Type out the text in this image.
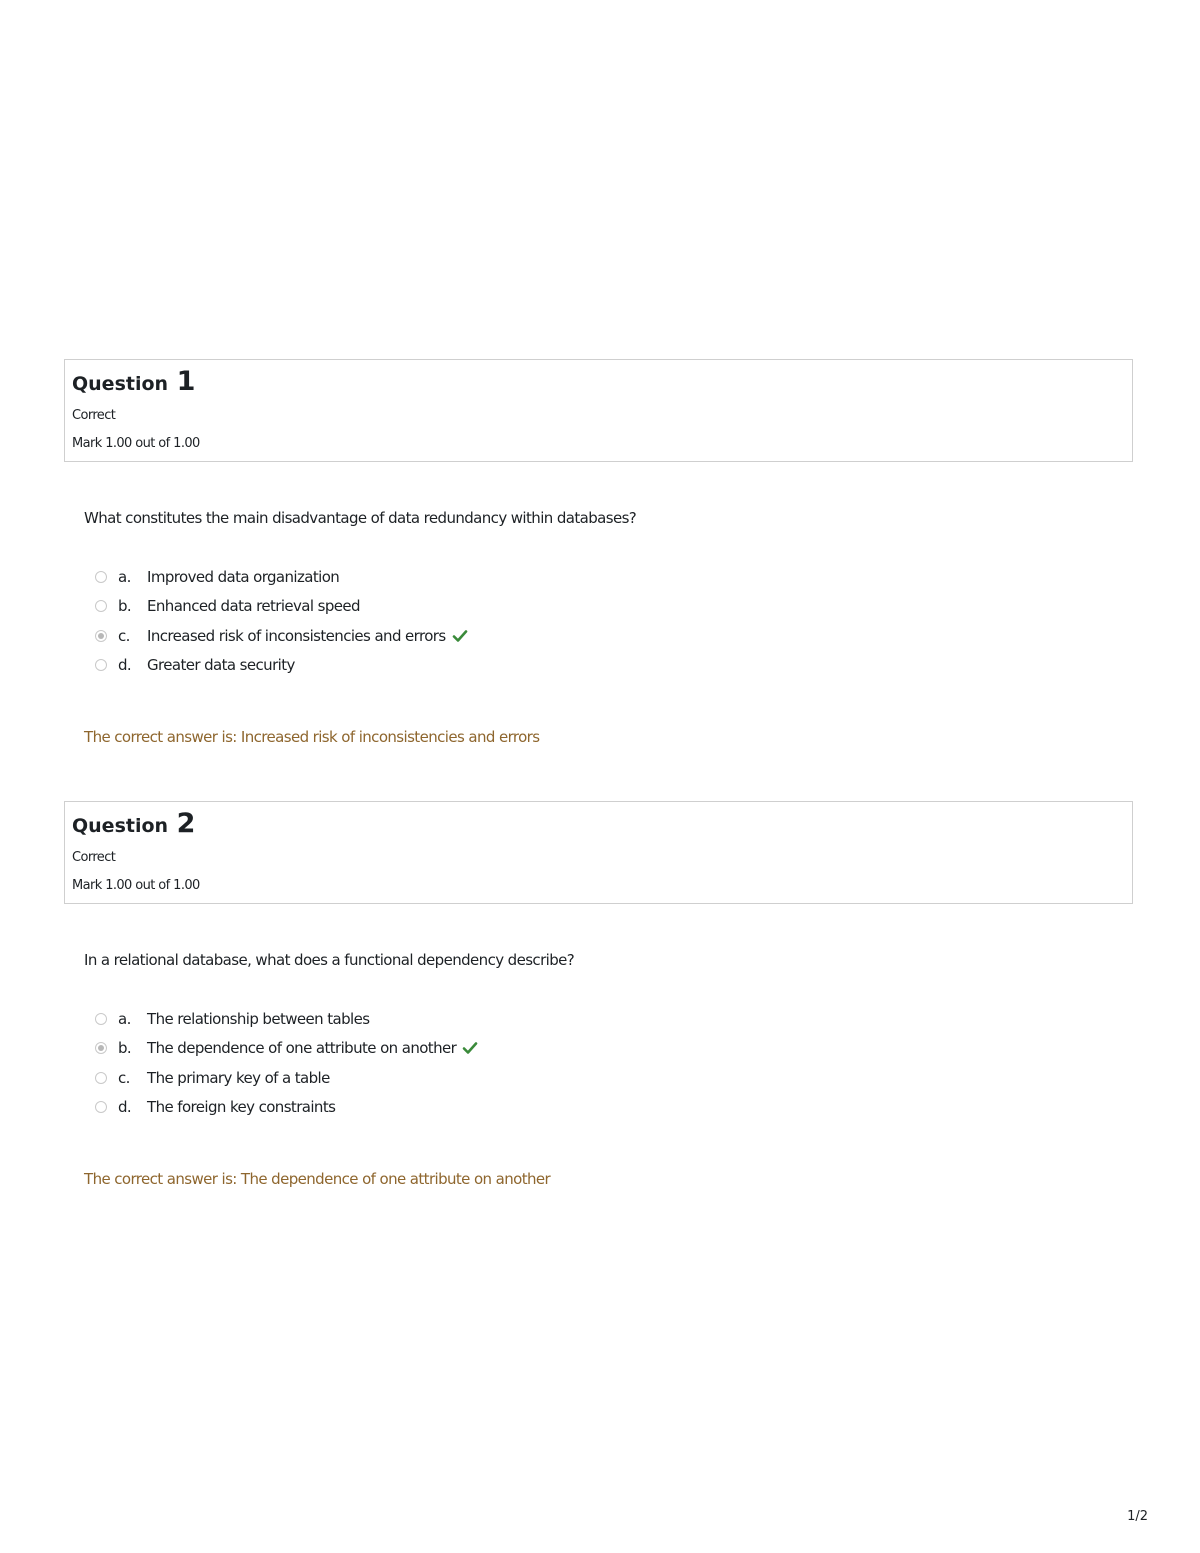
Question 1
Correct
Mark 1.00 out of 1.00
What constitutes the main disadvantage of data redundancy within databases?
a. Improved data organization
b. Enhanced data retrieval speed
c. Increased risk of inconsistencies and errors
d. Greater data security
The correct answer is: Increased risk of inconsistencies and errors
Question 2
Correct
Mark 1.00 out of 1.00
In a relational database, what does a functional dependency describe?
a. The relationship between tables
b. The dependence of one attribute on another
c. The primary key of a table
d. The foreign key constraints
The correct answer is: The dependence of one attribute on another
1/2
